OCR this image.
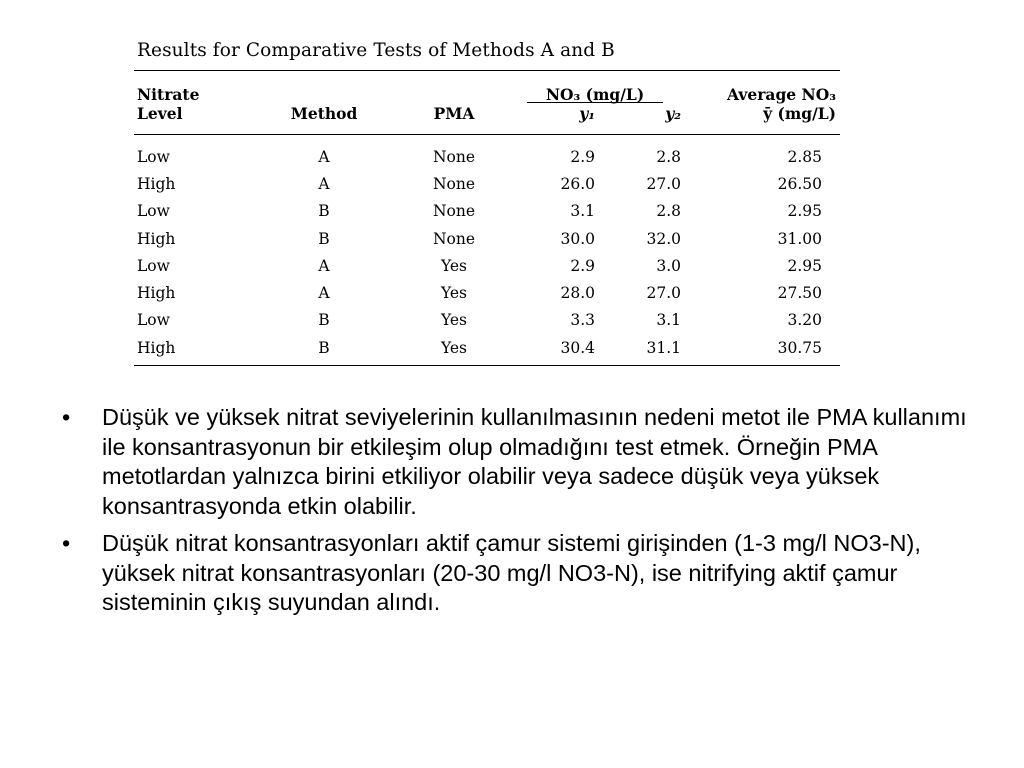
Results for Comparative Tests of Methods A and B
Nitrate			NO₃ (mg/L)		Average NO₃
Level	Method	PMA	y₁	y₂	ȳ (mg/L)

Low	A	None	2.9	2.8	2.85
High	A	None	26.0	27.0	26.50
Low	B	None	3.1	2.8	2.95
High	B	None	30.0	32.0	31.00
Low	A	Yes	2.9	3.0	2.95
High	A	Yes	28.0	27.0	27.50
Low	B	Yes	3.3	3.1	3.20
High	B	Yes	30.4	31.1	30.75
• Düşük ve yüksek nitrat seviyelerinin kullanılmasının nedeni metot ile PMA kullanımı ile konsantrasyonun bir etkileşim olup olmadığını test etmek. Örneğin PMA metotlardan yalnızca birini etkiliyor olabilir veya sadece düşük veya yüksek konsantrasyonda etkin olabilir.
• Düşük nitrat konsantrasyonları aktif çamur sistemi girişinden (1-3 mg/l NO3-N), yüksek nitrat konsantrasyonları (20-30 mg/l NO3-N), ise nitrifying aktif çamur sisteminin çıkış suyundan alındı.
